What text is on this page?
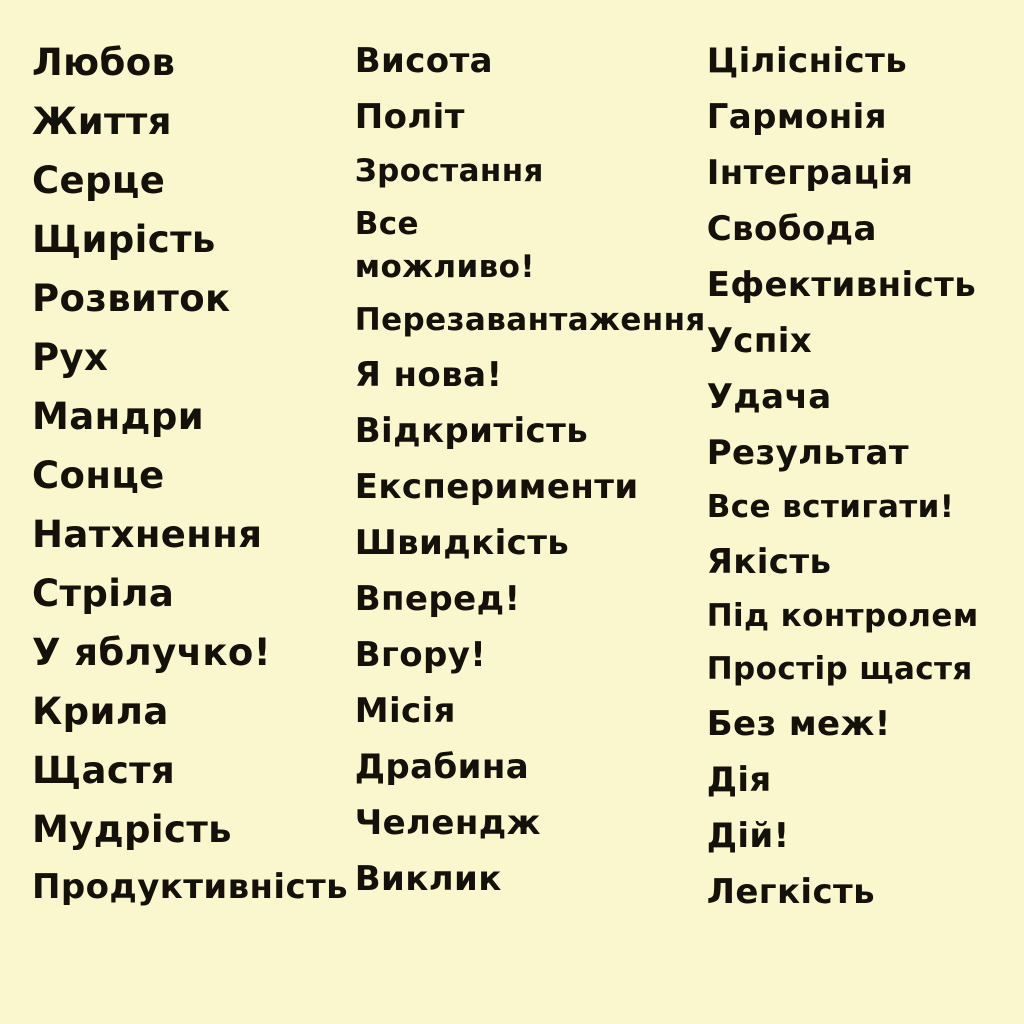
Любов
Життя
Серце
Щирість
Розвиток
Рух
Мандри
Сонце
Натхнення
Стріла
У яблучко!
Крила
Щастя
Мудрість
Продуктивність
Висота
Політ
Зростання
Все
можливо!
Перезавантаження
Я нова!
Відкритість
Експерименти
Швидкість
Вперед!
Вгору!
Місія
Драбина
Челендж
Виклик
Цілісність
Гармонія
Інтеграція
Свобода
Ефективність
Успіх
Удача
Результат
Все встигати!
Якість
Під контролем
Простір щастя
Без меж!
Дія
Дій!
Легкість
